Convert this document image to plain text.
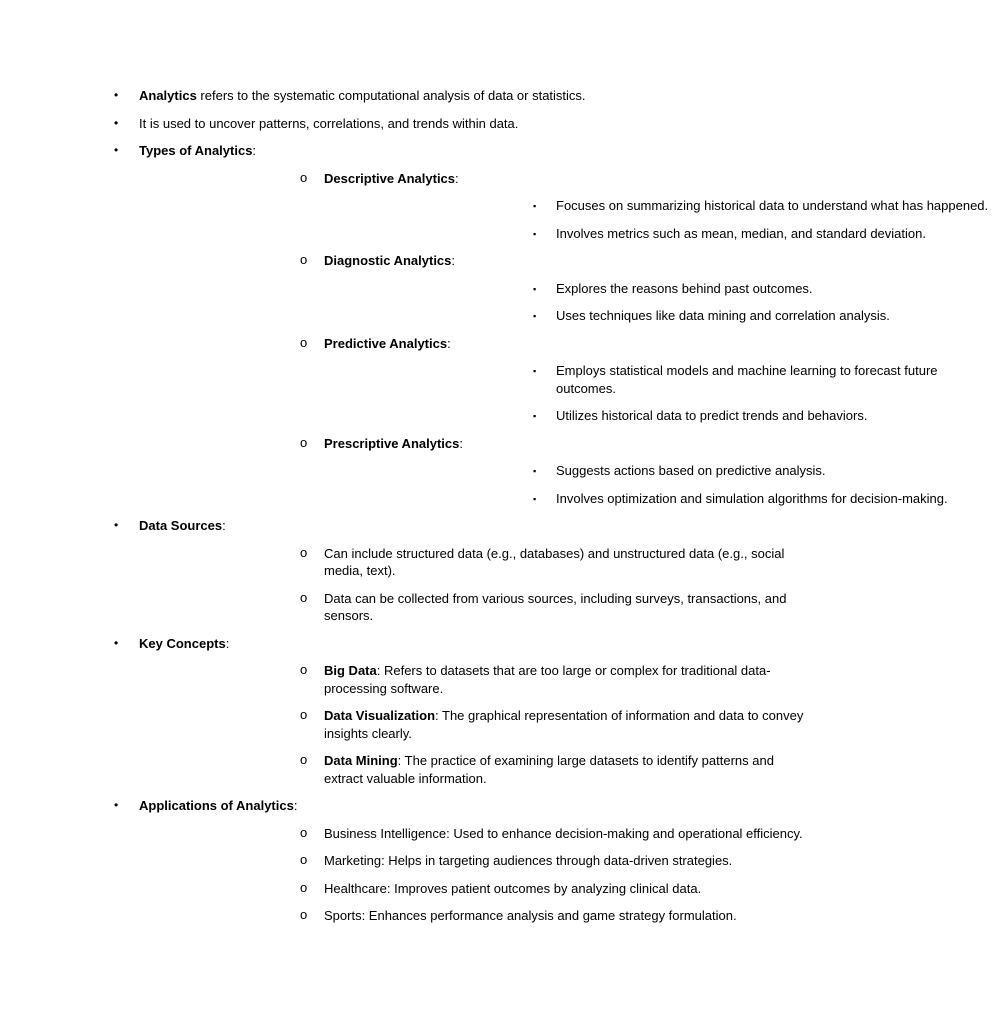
• Analytics refers to the systematic computational analysis of data or statistics.
• It is used to uncover patterns, correlations, and trends within data.
• Types of Analytics:
o Descriptive Analytics:
▪ Focuses on summarizing historical data to understand what has happened.
▪ Involves metrics such as mean, median, and standard deviation.
o Diagnostic Analytics:
▪ Explores the reasons behind past outcomes.
▪ Uses techniques like data mining and correlation analysis.
o Predictive Analytics:
▪ Employs statistical models and machine learning to forecast future outcomes.
▪ Utilizes historical data to predict trends and behaviors.
o Prescriptive Analytics:
▪ Suggests actions based on predictive analysis.
▪ Involves optimization and simulation algorithms for decision-making.
• Data Sources:
o Can include structured data (e.g., databases) and unstructured data (e.g., social media, text).
o Data can be collected from various sources, including surveys, transactions, and sensors.
• Key Concepts:
o Big Data: Refers to datasets that are too large or complex for traditional data-processing software.
o Data Visualization: The graphical representation of information and data to convey insights clearly.
o Data Mining: The practice of examining large datasets to identify patterns and extract valuable information.
• Applications of Analytics:
o Business Intelligence: Used to enhance decision-making and operational efficiency.
o Marketing: Helps in targeting audiences through data-driven strategies.
o Healthcare: Improves patient outcomes by analyzing clinical data.
o Sports: Enhances performance analysis and game strategy formulation.
